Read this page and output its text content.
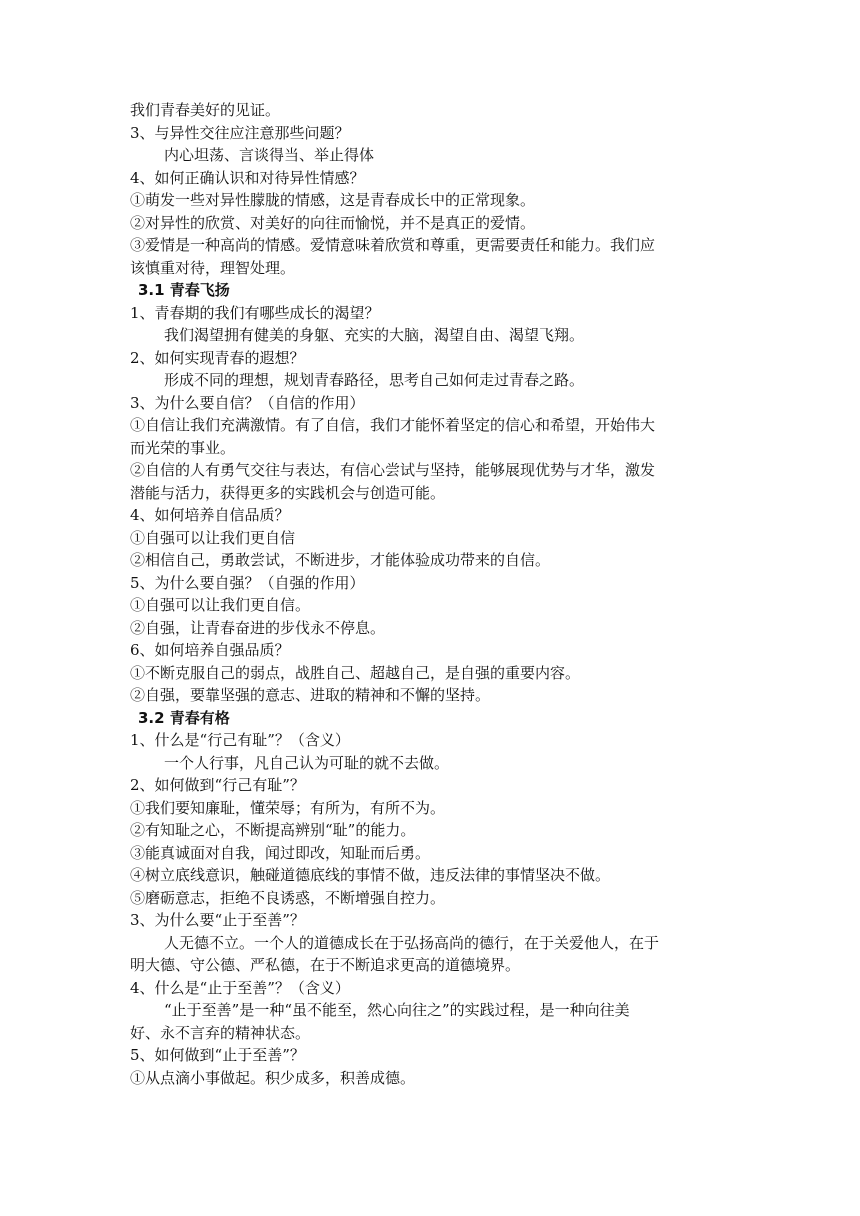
我们青春美好的见证。
3、与异性交往应注意那些问题？
内心坦荡、言谈得当、举止得体
4、如何正确认识和对待异性情感？
①萌发一些对异性朦胧的情感，这是青春成长中的正常现象。
②对异性的欣赏、对美好的向往而愉悦，并不是真正的爱情。
③爱情是一种高尚的情感。爱情意味着欣赏和尊重，更需要责任和能力。我们应
该慎重对待，理智处理。
3.1 青春飞扬
1、青春期的我们有哪些成长的渴望？
我们渴望拥有健美的身躯、充实的大脑，渴望自由、渴望飞翔。
2、如何实现青春的遐想？
形成不同的理想，规划青春路径，思考自己如何走过青春之路。
3、为什么要自信？（自信的作用）
①自信让我们充满激情。有了自信，我们才能怀着坚定的信心和希望，开始伟大
而光荣的事业。
②自信的人有勇气交往与表达，有信心尝试与坚持，能够展现优势与才华，激发
潜能与活力，获得更多的实践机会与创造可能。
4、如何培养自信品质？
①自强可以让我们更自信
②相信自己，勇敢尝试，不断进步，才能体验成功带来的自信。
5、为什么要自强？（自强的作用）
①自强可以让我们更自信。
②自强，让青春奋进的步伐永不停息。
6、如何培养自强品质？
①不断克服自己的弱点，战胜自己、超越自己，是自强的重要内容。
②自强，要靠坚强的意志、进取的精神和不懈的坚持。
3.2 青春有格
1、什么是“行己有耻”？（含义）
一个人行事，凡自己认为可耻的就不去做。
2、如何做到“行己有耻”？
①我们要知廉耻，懂荣辱；有所为，有所不为。
②有知耻之心，不断提高辨别“耻”的能力。
③能真诚面对自我，闻过即改，知耻而后勇。
④树立底线意识，触碰道德底线的事情不做，违反法律的事情坚决不做。
⑤磨砺意志，拒绝不良诱惑，不断增强自控力。
3、为什么要“止于至善”？
人无德不立。一个人的道德成长在于弘扬高尚的德行，在于关爱他人，在于
明大德、守公德、严私德，在于不断追求更高的道德境界。
4、什么是“止于至善”？（含义）
“止于至善”是一种“虽不能至，然心向往之”的实践过程，是一种向往美
好、永不言弃的精神状态。
5、如何做到“止于至善”？
①从点滴小事做起。积少成多，积善成德。
